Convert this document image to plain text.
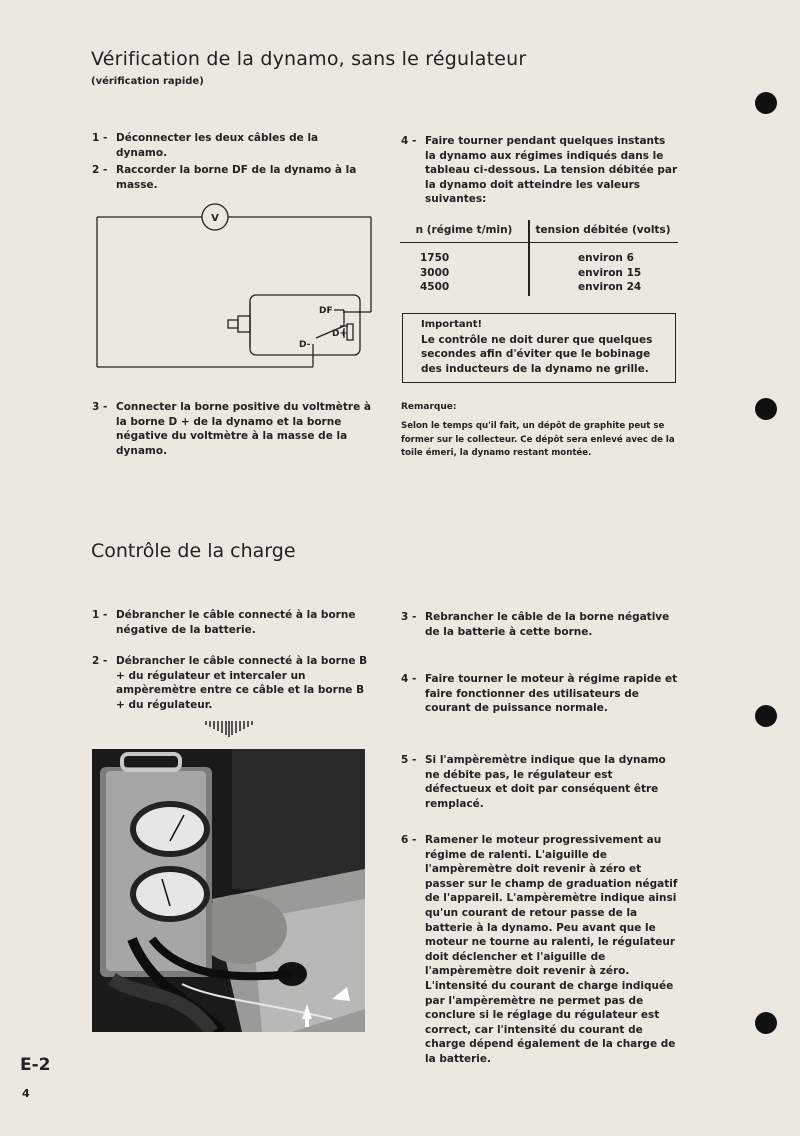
Vérification de la dynamo, sans le régulateur
(vérification rapide)
1 - Déconnecter les deux câbles de la dynamo.
2 - Raccorder la borne DF de la dynamo à la masse.
V
DF
D+
D-
3 - Connecter la borne positive du voltmètre à la borne D + de la dynamo et la borne négative du voltmètre à la masse de la dynamo.
4 - Faire tourner pendant quelques instants la dynamo aux régimes indiqués dans le tableau ci-dessous. La tension débitée par la dynamo doit atteindre les valeurs suivantes:
n (régime t/min)	tension débitée (volts)
1750
3000
4500
environ 6
environ 15
environ 24
Important!
Le contrôle ne doit durer que quelques secondes afin d'éviter que le bobinage des inducteurs de la dynamo ne grille.
Remarque:
Selon le temps qu'il fait, un dépôt de graphite peut se former sur le collecteur. Ce dépôt sera enlevé avec de la toile émeri, la dynamo restant montée.
Contrôle de la charge
1 - Débrancher le câble connecté à la borne négative de la batterie.
2 - Débrancher le câble connecté à la borne B + du régulateur et intercaler un ampèremètre entre ce câble et la borne B + du régulateur.
3 - Rebrancher le câble de la borne négative de la batterie à cette borne.
4 - Faire tourner le moteur à régime rapide et faire fonctionner des utilisateurs de courant de puissance normale.
5 - Si l'ampèremètre indique que la dynamo ne débite pas, le régulateur est défectueux et doit par conséquent être remplacé.
6 - Ramener le moteur progressivement au régime de ralenti. L'aiguille de l'ampèremètre doit revenir à zéro et passer sur le champ de graduation négatif de l'appareil. L'ampèremètre indique ainsi qu'un courant de retour passe de la batterie à la dynamo. Peu avant que le moteur ne tourne au ralenti, le régulateur doit déclencher et l'aiguille de l'ampèremètre doit revenir à zéro. L'intensité du courant de charge indiquée par l'ampèremètre ne permet pas de conclure si le réglage du régulateur est correct, car l'intensité du courant de charge dépend également de la charge de la batterie.
E-2
4
